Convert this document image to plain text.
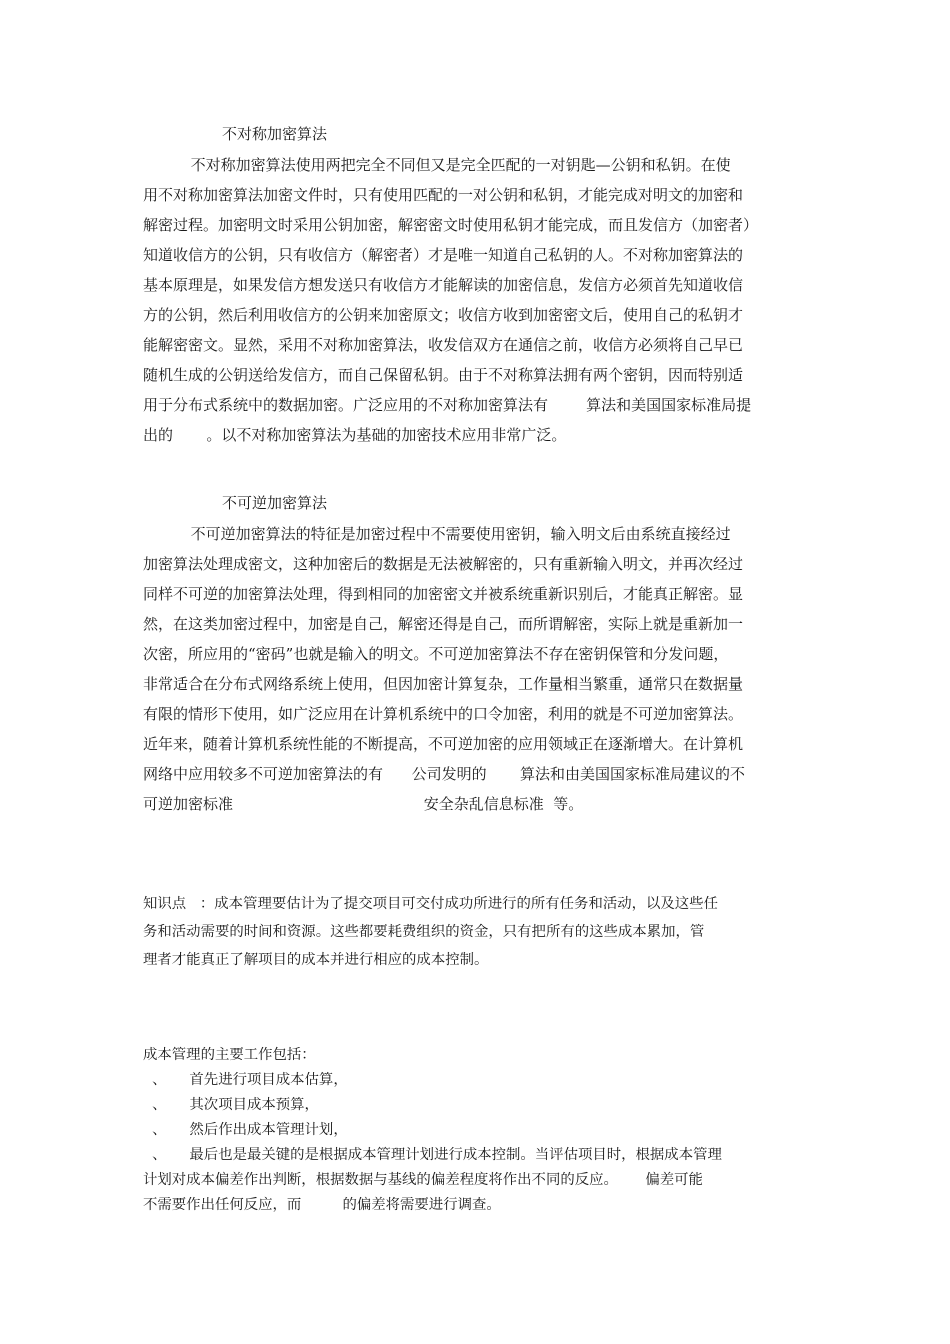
不对称加密算法
不对称加密算法使用两把完全不同但又是完全匹配的一对钥匙—公钥和私钥。在使
用不对称加密算法加密文件时，只有使用匹配的一对公钥和私钥，才能完成对明文的加密和
解密过程。加密明文时采用公钥加密，解密密文时使用私钥才能完成，而且发信方（加密者）
知道收信方的公钥，只有收信方（解密者）才是唯一知道自己私钥的人。不对称加密算法的
基本原理是，如果发信方想发送只有收信方才能解读的加密信息，发信方必须首先知道收信
方的公钥，然后利用收信方的公钥来加密原文；收信方收到加密密文后，使用自己的私钥才
能解密密文。显然，采用不对称加密算法，收发信双方在通信之前，收信方必须将自己早已
随机生成的公钥送给发信方，而自己保留私钥。由于不对称算法拥有两个密钥，因而特别适
用于分布式系统中的数据加密。广泛应用的不对称加密算法有        算法和美国国家标准局提
出的       。以不对称加密算法为基础的加密技术应用非常广泛。
不可逆加密算法
不可逆加密算法的特征是加密过程中不需要使用密钥，输入明文后由系统直接经过
加密算法处理成密文，这种加密后的数据是无法被解密的，只有重新输入明文，并再次经过
同样不可逆的加密算法处理，得到相同的加密密文并被系统重新识别后，才能真正解密。显
然，在这类加密过程中，加密是自己，解密还得是自己，而所谓解密，实际上就是重新加一
次密，所应用的“密码”也就是输入的明文。不可逆加密算法不存在密钥保管和分发问题，
非常适合在分布式网络系统上使用，但因加密计算复杂，工作量相当繁重，通常只在数据量
有限的情形下使用，如广泛应用在计算机系统中的口令加密，利用的就是不可逆加密算法。
近年来，随着计算机系统性能的不断提高，不可逆加密的应用领域正在逐渐增大。在计算机
网络中应用较多不可逆加密算法的有      公司发明的       算法和由美国国家标准局建议的不
可逆加密标准                                        安全杂乱信息标准  等。
知识点   ：成本管理要估计为了提交项目可交付成功所进行的所有任务和活动，以及这些任
务和活动需要的时间和资源。这些都要耗费组织的资金，只有把所有的这些成本累加，管
理者才能真正了解项目的成本并进行相应的成本控制。
成本管理的主要工作包括：
、     首先进行项目成本估算，
、     其次项目成本预算，
、     然后作出成本管理计划，
、     最后也是最关键的是根据成本管理计划进行成本控制。当评估项目时，根据成本管理
计划对成本偏差作出判断，根据数据与基线的偏差程度将作出不同的反应。      偏差可能
不需要作出任何反应，而         的偏差将需要进行调查。
